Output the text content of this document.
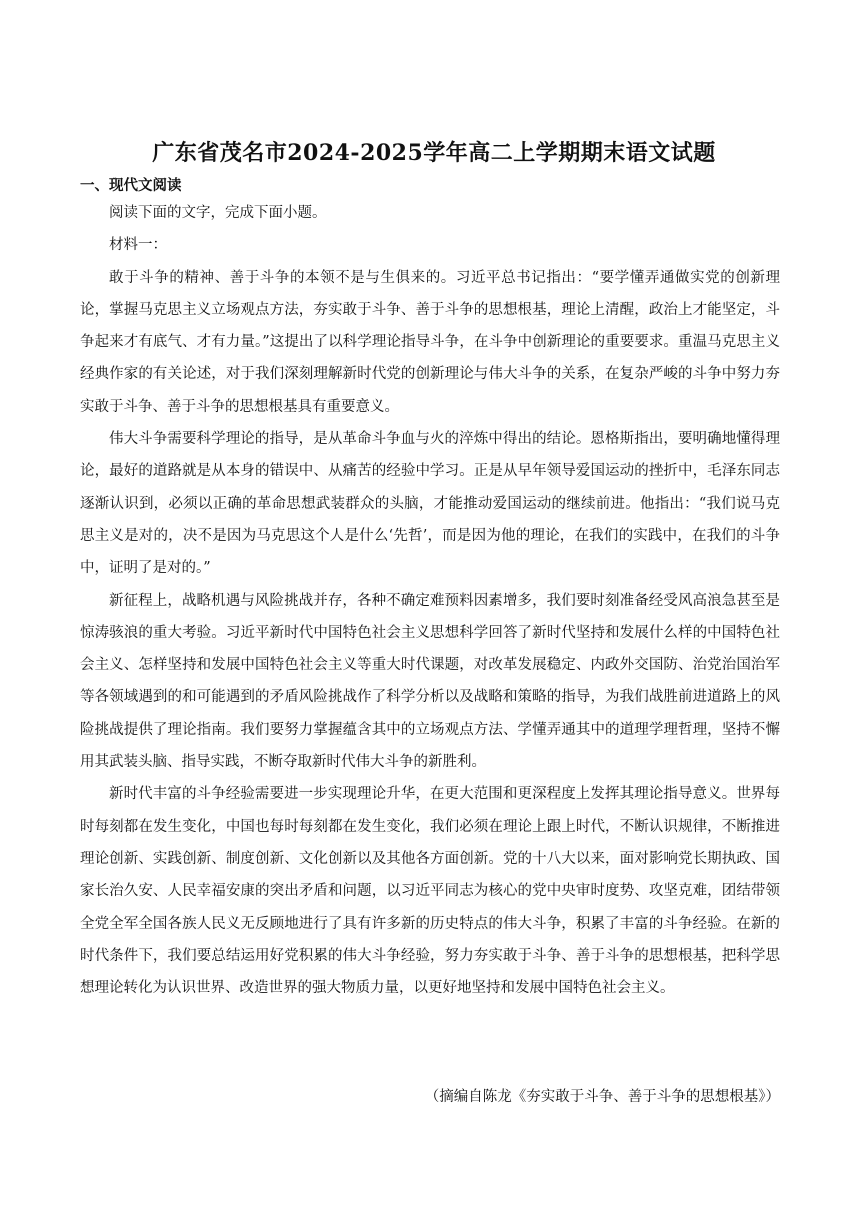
广东省茂名市2024-2025学年高二上学期期末语文试题
一、现代文阅读

阅读下面的文字，完成下面小题。

材料一：

敢于斗争的精神、善于斗争的本领不是与生俱来的。习近平总书记指出：“要学懂弄通做实党的创新理论，掌握马克思主义立场观点方法，夯实敢于斗争、善于斗争的思想根基，理论上清醒，政治上才能坚定，斗争起来才有底气、才有力量。”这提出了以科学理论指导斗争，在斗争中创新理论的重要要求。重温马克思主义经典作家的有关论述，对于我们深刻理解新时代党的创新理论与伟大斗争的关系，在复杂严峻的斗争中努力夯实敢于斗争、善于斗争的思想根基具有重要意义。

伟大斗争需要科学理论的指导，是从革命斗争血与火的淬炼中得出的结论。恩格斯指出，要明确地懂得理论，最好的道路就是从本身的错误中、从痛苦的经验中学习。正是从早年领导爱国运动的挫折中，毛泽东同志逐渐认识到，必须以正确的革命思想武装群众的头脑，才能推动爱国运动的继续前进。他指出：“我们说马克思主义是对的，决不是因为马克思这个人是什么‘先哲’，而是因为他的理论，在我们的实践中，在我们的斗争中，证明了是对的。”

新征程上，战略机遇与风险挑战并存，各种不确定难预料因素增多，我们要时刻准备经受风高浪急甚至是惊涛骇浪的重大考验。习近平新时代中国特色社会主义思想科学回答了新时代坚持和发展什么样的中国特色社会主义、怎样坚持和发展中国特色社会主义等重大时代课题，对改革发展稳定、内政外交国防、治党治国治军等各领域遇到的和可能遇到的矛盾风险挑战作了科学分析以及战略和策略的指导，为我们战胜前进道路上的风险挑战提供了理论指南。我们要努力掌握蕴含其中的立场观点方法、学懂弄通其中的道理学理哲理，坚持不懈用其武装头脑、指导实践，不断夺取新时代伟大斗争的新胜利。

新时代丰富的斗争经验需要进一步实现理论升华，在更大范围和更深程度上发挥其理论指导意义。世界每时每刻都在发生变化，中国也每时每刻都在发生变化，我们必须在理论上跟上时代，不断认识规律，不断推进理论创新、实践创新、制度创新、文化创新以及其他各方面创新。党的十八大以来，面对影响党长期执政、国家长治久安、人民幸福安康的突出矛盾和问题，以习近平同志为核心的党中央审时度势、攻坚克难，团结带领全党全军全国各族人民义无反顾地进行了具有许多新的历史特点的伟大斗争，积累了丰富的斗争经验。在新的时代条件下，我们要总结运用好党积累的伟大斗争经验，努力夯实敢于斗争、善于斗争的思想根基，把科学思想理论转化为认识世界、改造世界的强大物质力量，以更好地坚持和发展中国特色社会主义。

（摘编自陈龙《夯实敢于斗争、善于斗争的思想根基》）
